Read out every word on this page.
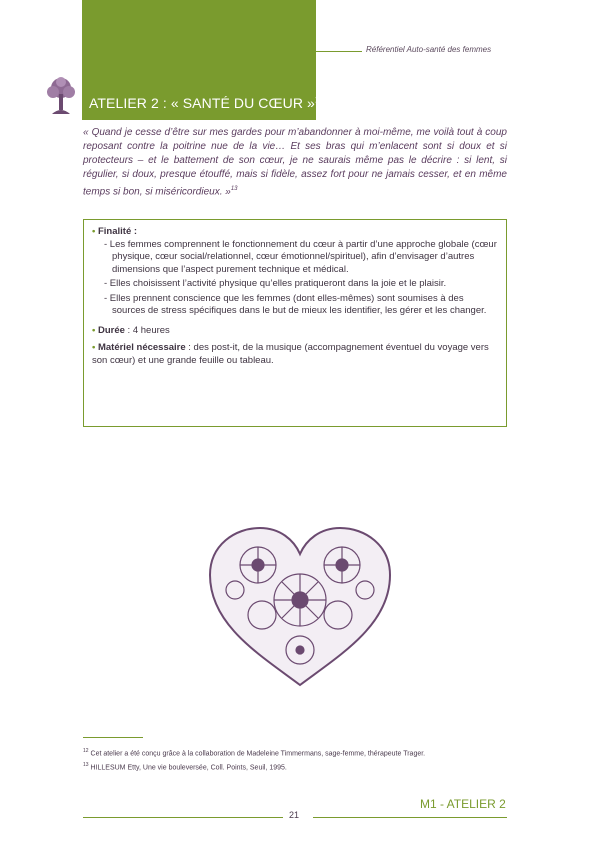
Référentiel Auto-santé des femmes
ATELIER 2 : « SANTÉ DU CŒUR »$^{12}$
« Quand je cesse d’être sur mes gardes pour m’abandonner à moi-même, me voilà tout à coup reposant contre la poitrine nue de la vie… Et ses bras qui m’enlacent sont si doux et si protecteurs – et le battement de son cœur, je ne saurais même pas le décrire : si lent, si régulier, si doux, presque étouffé, mais si fidèle, assez fort pour ne jamais cesser, et en même temps si bon, si miséricordieux. »$^{13}$

• Finalité :

- Les femmes comprennent le fonctionnement du cœur à partir d’une approche globale (cœur physique, cœur social/relationnel, cœur émotionnel/spirituel), afin d’envisager d’autres dimensions que l’aspect purement technique et médical.

- Elles choisissent l’activité physique qu’elles pratiqueront dans la joie et le plaisir.

- Elles prennent conscience que les femmes (dont elles-mêmes) sont soumises à des sources de stress spécifiques dans le but de mieux les identifier, les gérer et les changer.

• Durée : 4 heures

• Matériel nécessaire : des post-it, de la musique (accompagnement éventuel du voyage vers son cœur) et une grande feuille ou tableau.

$^{12}$ Cet atelier a été conçu grâce à la collaboration de Madeleine Timmermans, sage-femme, thérapeute Trager.
$^{13}$ HILLESUM Etty, Une vie bouleversée, Coll. Points, Seuil, 1995.
21
M1 - ATELIER 2
